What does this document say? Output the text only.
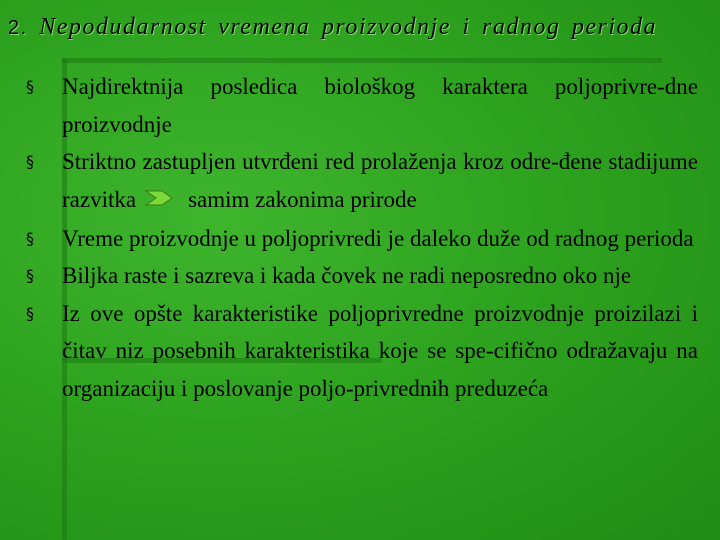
2. Nepodudarnost vremena proizvodnje i radnog perioda
§ Najdirektnija posledica biološkog karaktera poljoprivre-dne proizvodnje
§ Striktno zastupljen utvrđeni red prolaženja kroz odre-đene stadijume razvitka samim zakonima prirode
§ Vreme proizvodnje u poljoprivredi je daleko duže od radnog perioda
§ Biljka raste i sazreva i kada čovek ne radi neposredno oko nje
§ Iz ove opšte karakteristike poljoprivredne proizvodnje proizilazi i čitav niz posebnih karakteristika koje se spe-cifično odražavaju na organizaciju i poslovanje poljo-privrednih preduzeća
